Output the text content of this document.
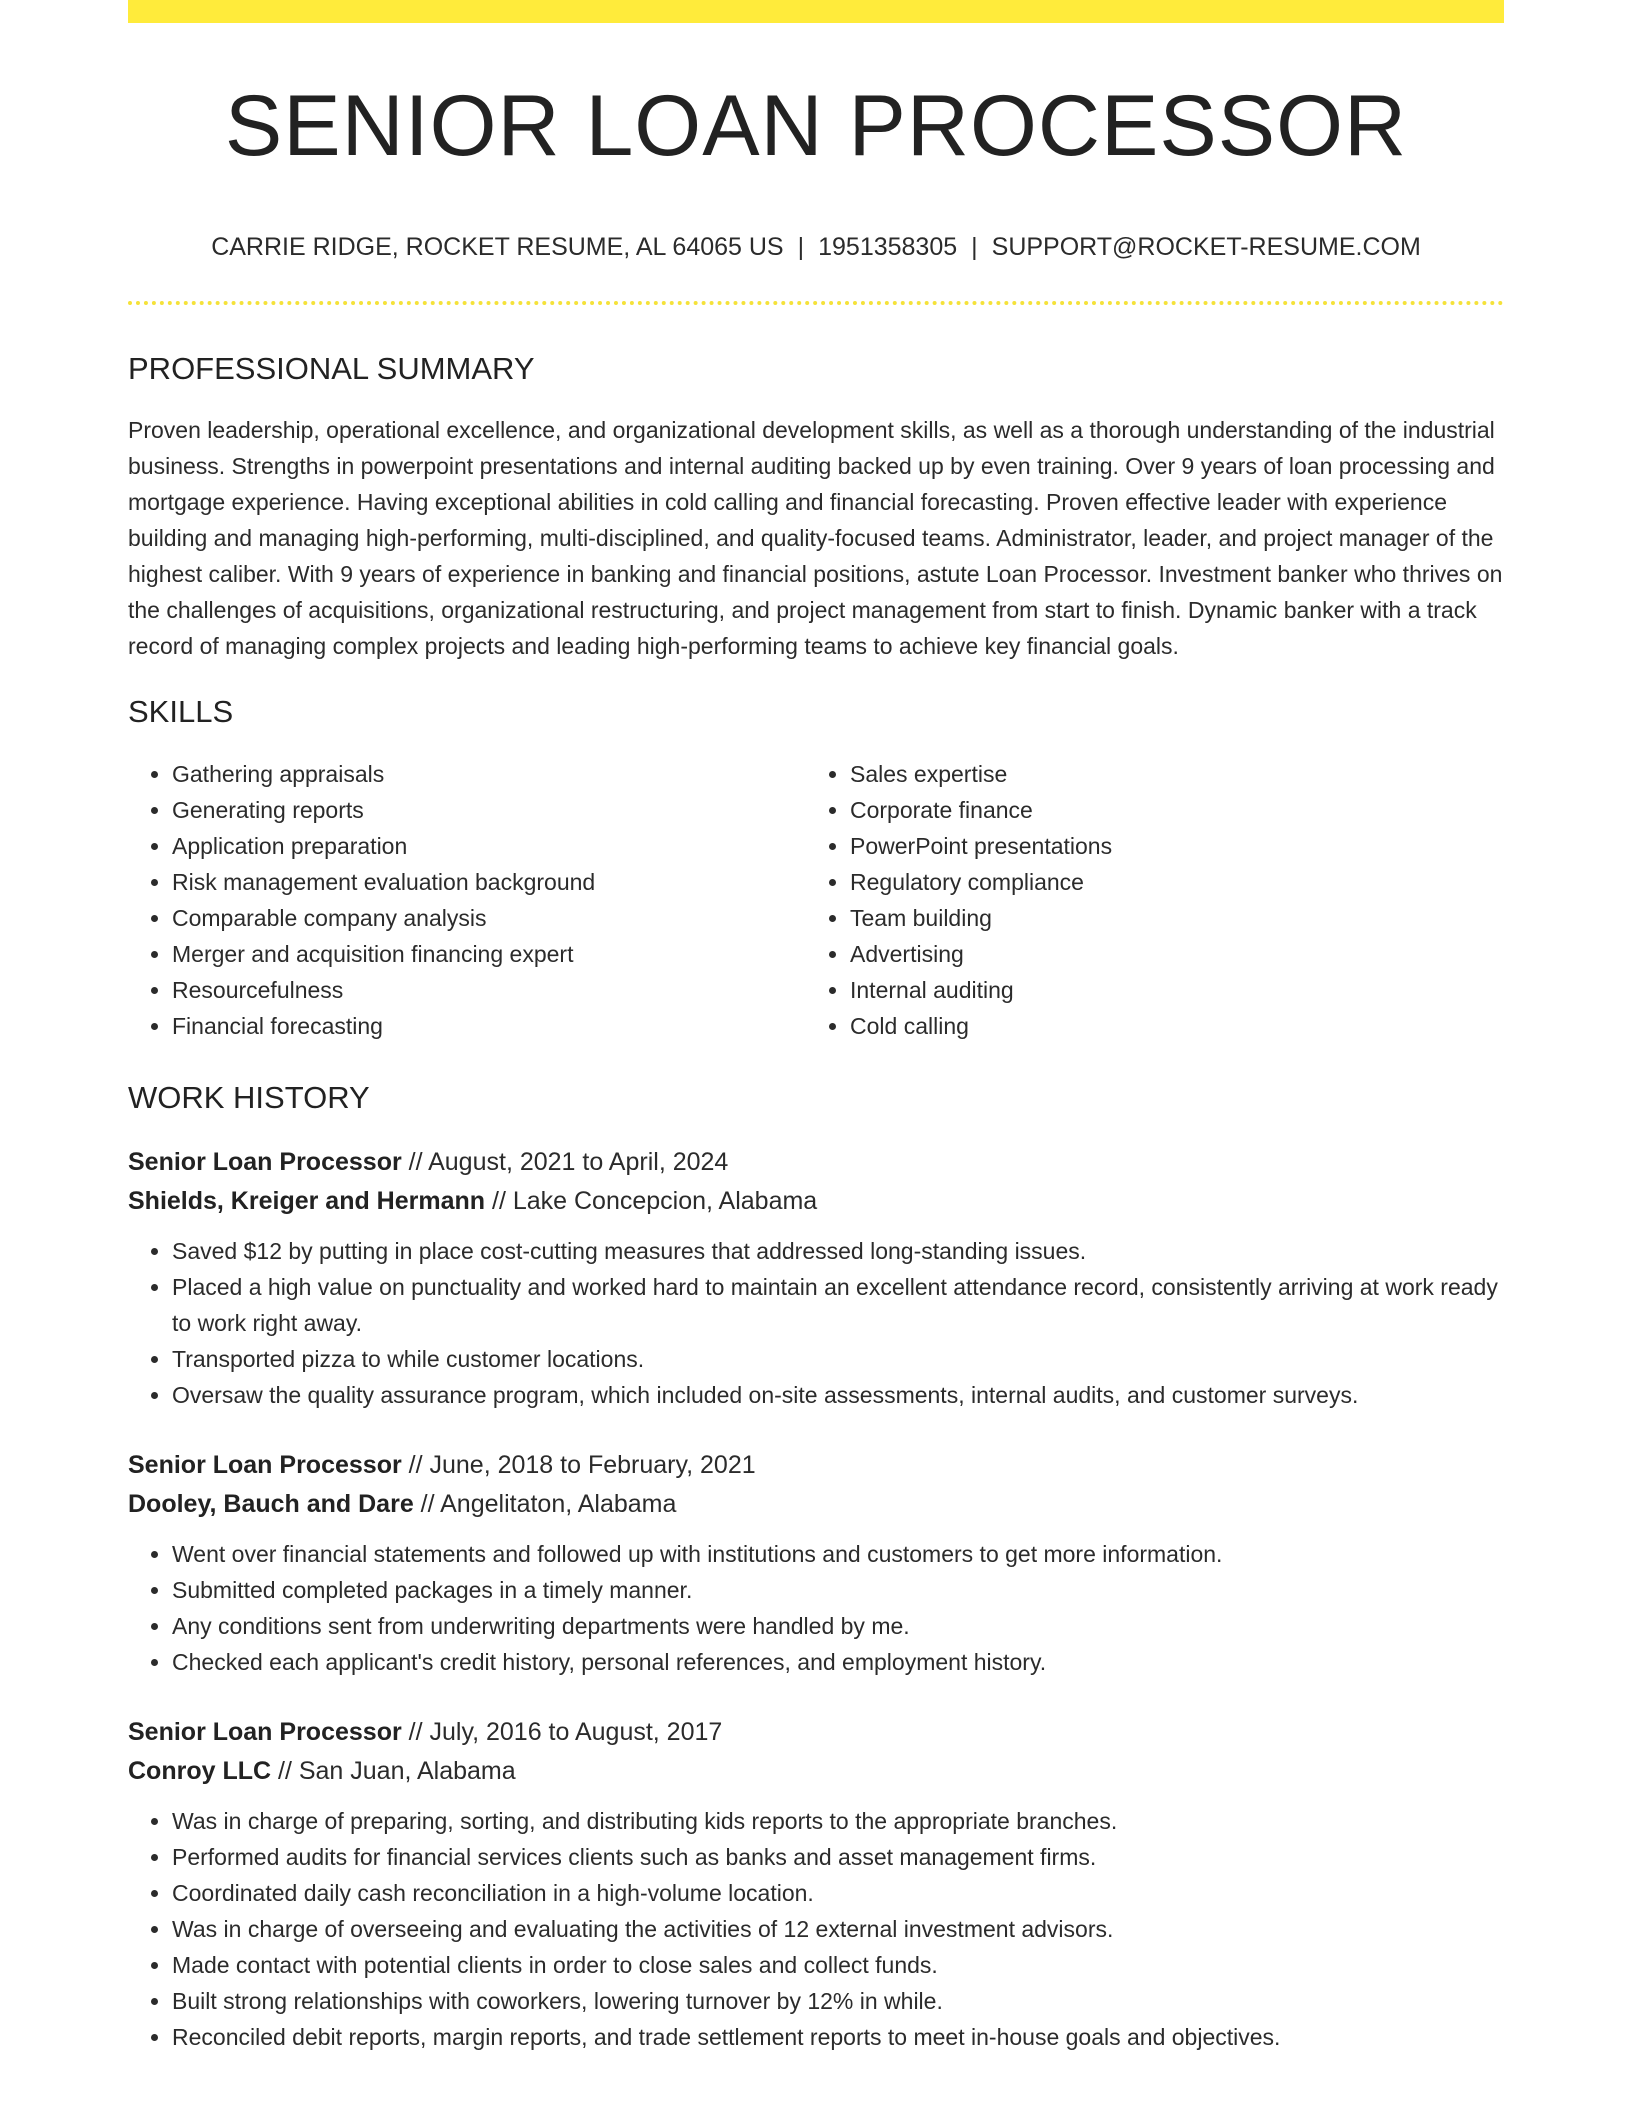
SENIOR LOAN PROCESSOR
CARRIE RIDGE, ROCKET RESUME, AL 64065 US | 1951358305 | SUPPORT@ROCKET-RESUME.COM
PROFESSIONAL SUMMARY

Proven leadership, operational excellence, and organizational development skills, as well as a thorough understanding of the industrial business. Strengths in powerpoint presentations and internal auditing backed up by even training. Over 9 years of loan processing and mortgage experience. Having exceptional abilities in cold calling and financial forecasting. Proven effective leader with experience building and managing high-performing, multi-disciplined, and quality-focused teams. Administrator, leader, and project manager of the highest caliber. With 9 years of experience in banking and financial positions, astute Loan Processor. Investment banker who thrives on the challenges of acquisitions, organizational restructuring, and project management from start to finish. Dynamic banker with a track record of managing complex projects and leading high-performing teams to achieve key financial goals.

SKILLS
• Gathering appraisals
• Generating reports
• Application preparation
• Risk management evaluation background
• Comparable company analysis
• Merger and acquisition financing expert
• Resourcefulness
• Financial forecasting
• Sales expertise
• Corporate finance
• PowerPoint presentations
• Regulatory compliance
• Team building
• Advertising
• Internal auditing
• Cold calling
WORK HISTORY
Senior Loan Processor // August, 2021 to April, 2024
Shields, Kreiger and Hermann // Lake Concepcion, Alabama
• Saved $12 by putting in place cost-cutting measures that addressed long-standing issues.
• Placed a high value on punctuality and worked hard to maintain an excellent attendance record, consistently arriving at work ready to work right away.
• Transported pizza to while customer locations.
• Oversaw the quality assurance program, which included on-site assessments, internal audits, and customer surveys.
Senior Loan Processor // June, 2018 to February, 2021
Dooley, Bauch and Dare // Angelitaton, Alabama
• Went over financial statements and followed up with institutions and customers to get more information.
• Submitted completed packages in a timely manner.
• Any conditions sent from underwriting departments were handled by me.
• Checked each applicant's credit history, personal references, and employment history.
Senior Loan Processor // July, 2016 to August, 2017
Conroy LLC // San Juan, Alabama
• Was in charge of preparing, sorting, and distributing kids reports to the appropriate branches.
• Performed audits for financial services clients such as banks and asset management firms.
• Coordinated daily cash reconciliation in a high-volume location.
• Was in charge of overseeing and evaluating the activities of 12 external investment advisors.
• Made contact with potential clients in order to close sales and collect funds.
• Built strong relationships with coworkers, lowering turnover by 12% in while.
• Reconciled debit reports, margin reports, and trade settlement reports to meet in-house goals and objectives.
